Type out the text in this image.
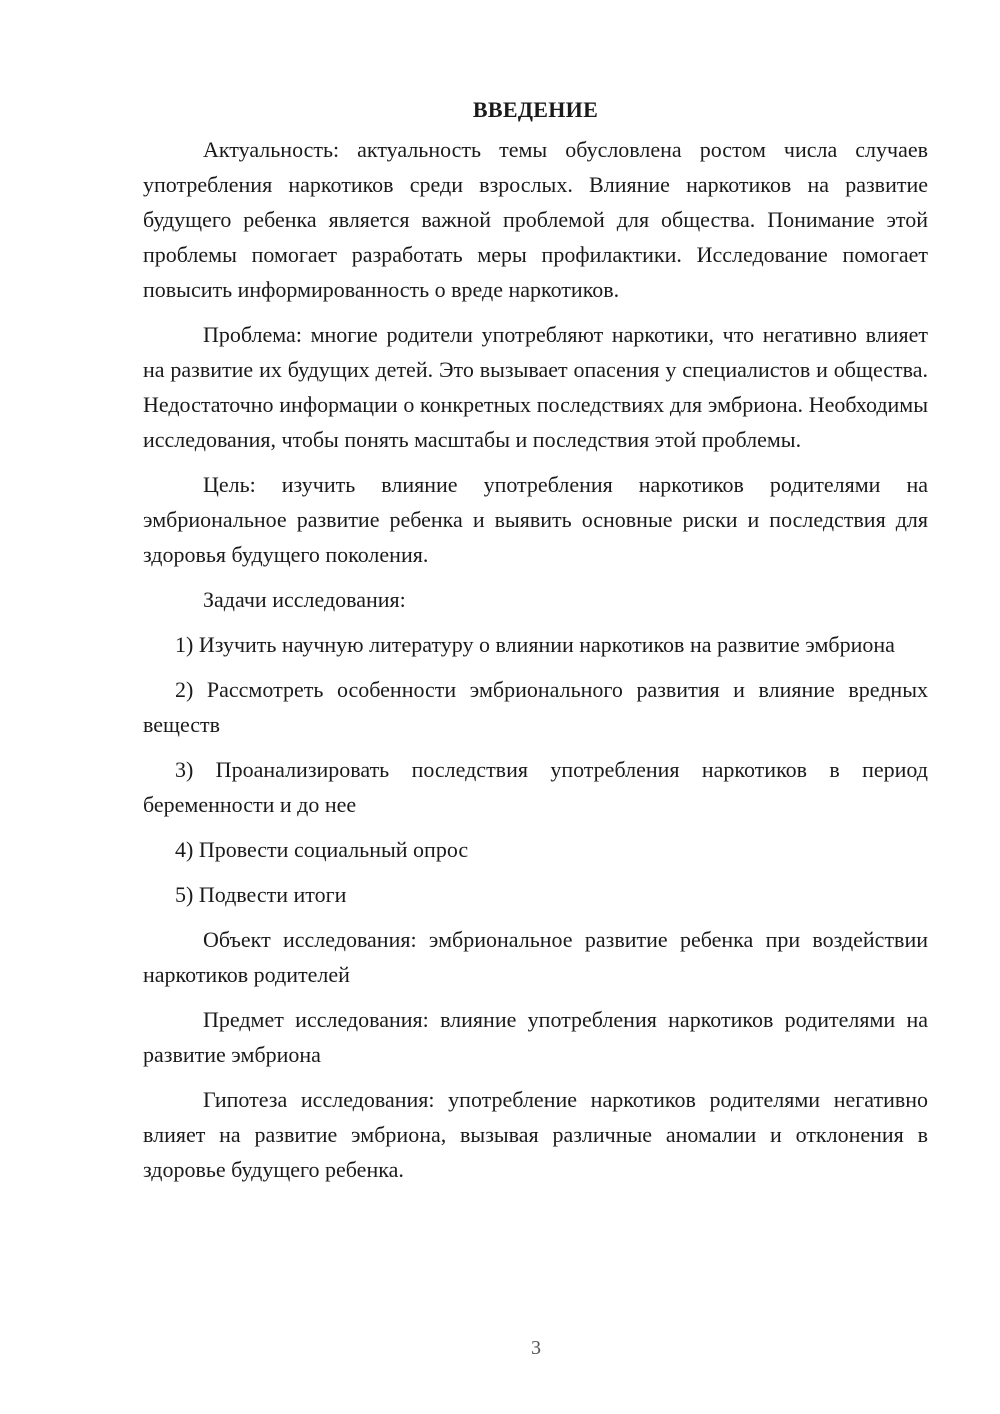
ВВЕДЕНИЕ

Актуальность: актуальность темы обусловлена ростом числа случаев употребления наркотиков среди взрослых. Влияние наркотиков на развитие будущего ребенка является важной проблемой для общества. Понимание этой проблемы помогает разработать меры профилактики. Исследование помогает повысить информированность о вреде наркотиков.

Проблема: многие родители употребляют наркотики, что негативно влияет на развитие их будущих детей. Это вызывает опасения у специалистов и общества. Недостаточно информации о конкретных последствиях для эмбриона. Необходимы исследования, чтобы понять масштабы и последствия этой проблемы.

Цель: изучить влияние употребления наркотиков родителями на эмбриональное развитие ребенка и выявить основные риски и последствия для здоровья будущего поколения.

Задачи исследования:

1) Изучить научную литературу о влиянии наркотиков на развитие эмбриона

2) Рассмотреть особенности эмбрионального развития и влияние вредных веществ

3) Проанализировать последствия употребления наркотиков в период беременности и до нее

4) Провести социальный опрос

5) Подвести итоги

Объект исследования: эмбриональное развитие ребенка при воздействии наркотиков родителей

Предмет исследования: влияние употребления наркотиков родителями на развитие эмбриона

Гипотеза исследования: употребление наркотиков родителями негативно влияет на развитие эмбриона, вызывая различные аномалии и отклонения в здоровье будущего ребенка.

3
